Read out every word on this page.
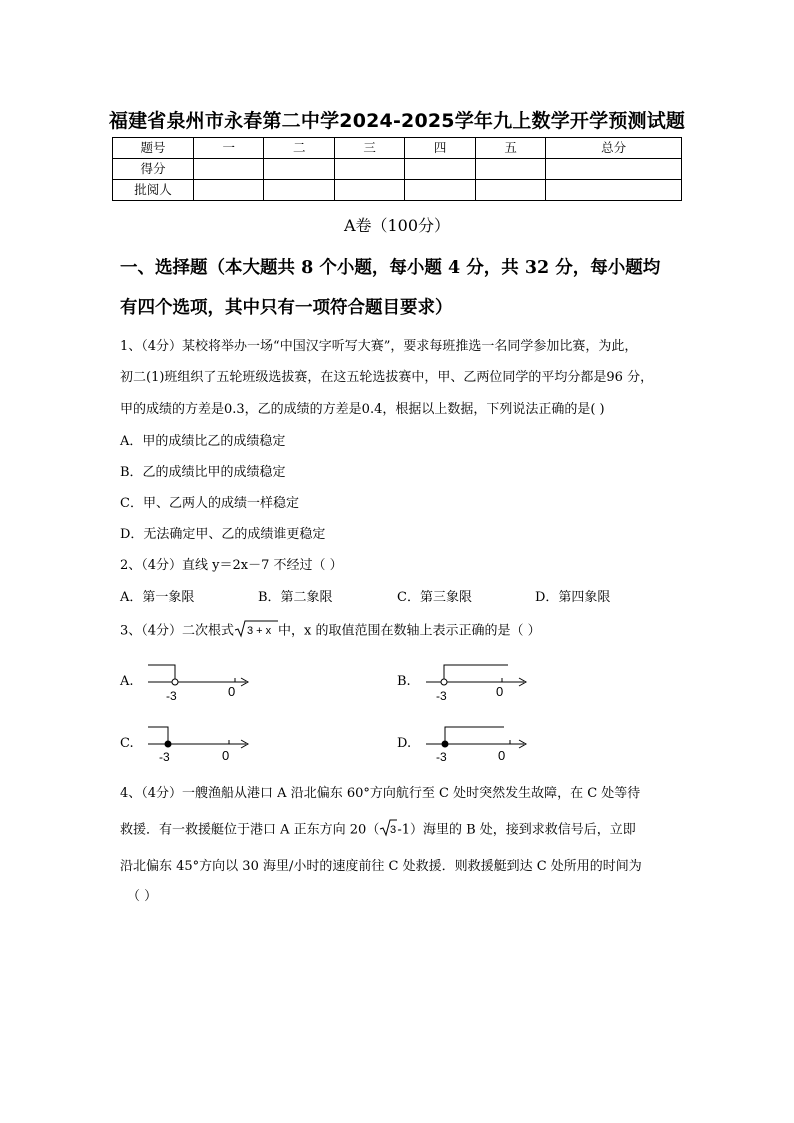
福建省泉州市永春第二中学2024-2025学年九上数学开学预测试题
题号	一	二	三	四	五	总分
得分						
批阅人						
A卷（100分）
一、选择题（本大题共 8 个小题，每小题 4 分，共 32 分，每小题均
有四个选项，其中只有一项符合题目要求）
1、（4分）某校将举办一场“中国汉字听写大赛”，要求每班推选一名同学参加比赛，为此，
初二(1)班组织了五轮班级选拔赛，在这五轮选拔赛中，甲、乙两位同学的平均分都是96 分，
甲的成绩的方差是0.3，乙的成绩的方差是0.4，根据以上数据，下列说法正确的是( )
A．甲的成绩比乙的成绩稳定
B．乙的成绩比甲的成绩稳定
C．甲、乙两人的成绩一样稳定
D．无法确定甲、乙的成绩谁更稳定
2、（4分）直线 y＝2x－7 不经过（ ）
A．第一象限	B．第二象限	C．第三象限	D．第四象限
3、（4分）二次根式 3 + x 中，x 的取值范围在数轴上表示正确的是（ ）
A.
-3	0
B.
-3	0
C.
-3	0
D.
-3	0
4、（4分）一艘渔船从港口 A 沿北偏东 60°方向航行至 C 处时突然发生故障，在 C 处等待
救援．有一救援艇位于港口 A 正东方向 20（ 3 -1）海里的 B 处，接到求救信号后，立即
沿北偏东 45°方向以 30 海里/小时的速度前往 C 处救援．则救援艇到达 C 处所用的时间为
（ ）
